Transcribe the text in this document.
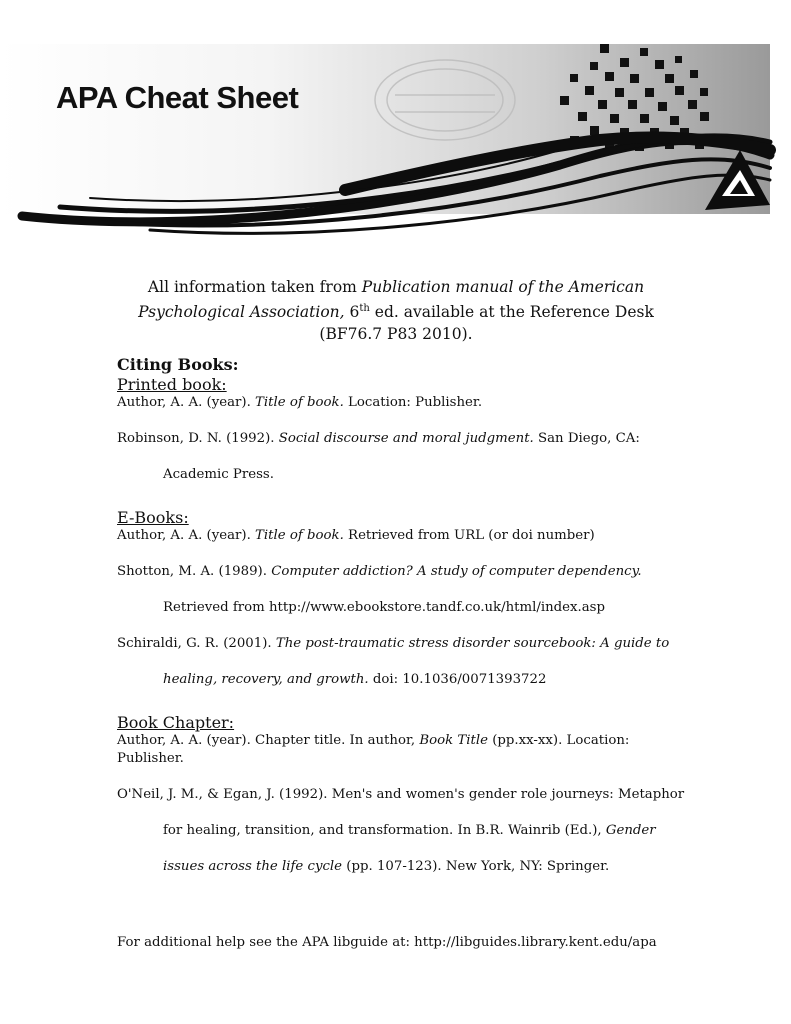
APA Cheat Sheet
All information taken from Publication manual of the American Psychological Association, 6th ed. available at the Reference Desk (BF76.7 P83 2010).

Citing Books:

Printed book:

Author, A. A. (year). Title of book. Location: Publisher.

Robinson, D. N. (1992). Social discourse and moral judgment. San Diego, CA:
Academic Press.

E-Books:

Author, A. A. (year). Title of book. Retrieved from URL (or doi number)

Shotton, M. A. (1989). Computer addiction? A study of computer dependency.
Retrieved from http://www.ebookstore.tandf.co.uk/html/index.asp

Schiraldi, G. R. (2001). The post-traumatic stress disorder sourcebook: A guide to
healing, recovery, and growth. doi: 10.1036/0071393722

Book Chapter:

Author, A. A. (year). Chapter title. In author, Book Title (pp.xx-xx). Location:
Publisher.

O'Neil, J. M., & Egan, J. (1992). Men's and women's gender role journeys: Metaphor
for healing, transition, and transformation. In B.R. Wainrib (Ed.), Gender
issues across the life cycle (pp. 107-123). New York, NY: Springer.

For additional help see the APA libguide at: http://libguides.library.kent.edu/apa
